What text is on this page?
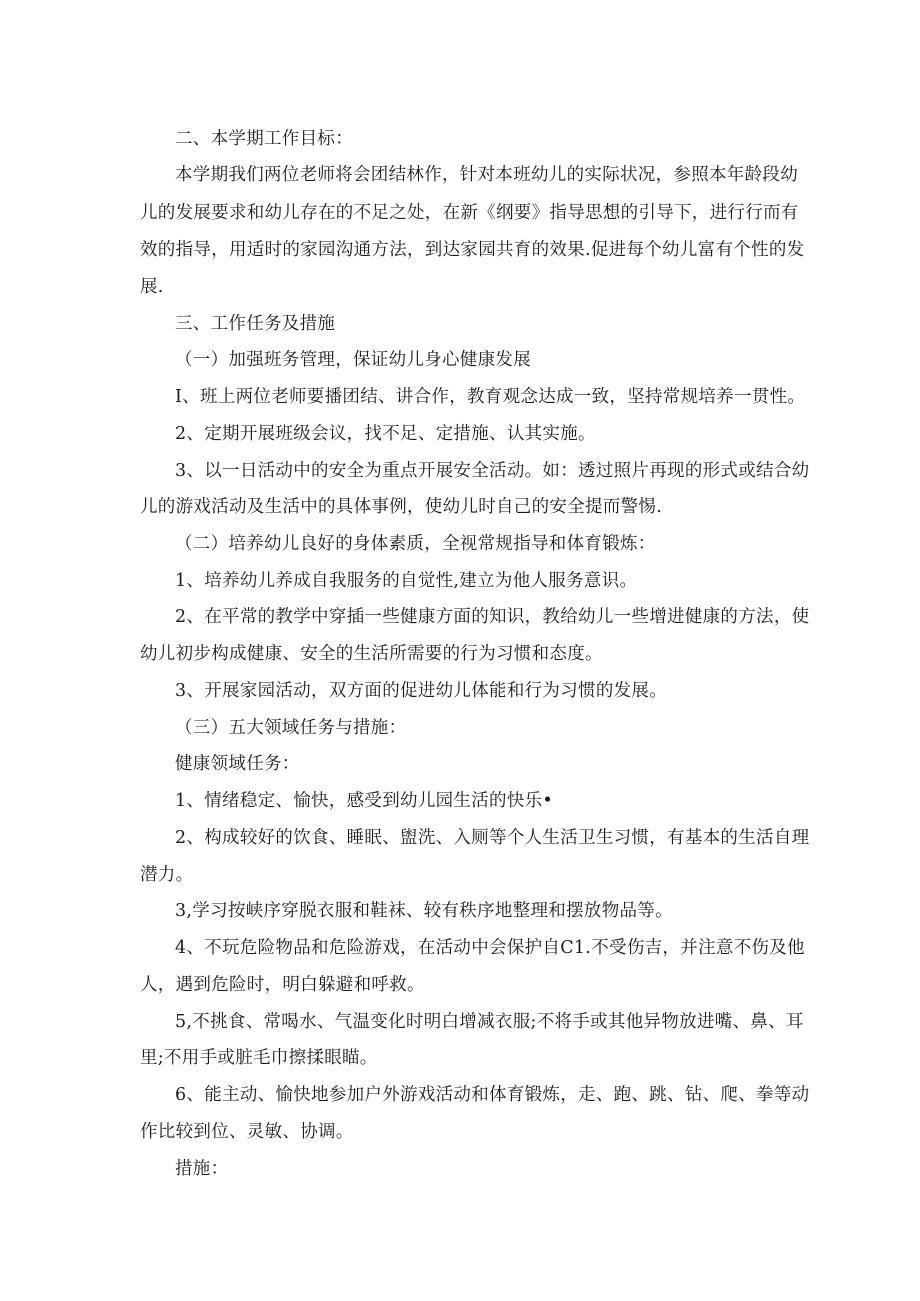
二、本学期工作目标：

本学期我们两位老师将会团结林作，针对本班幼儿的实际状况，参照本年龄段幼

儿的发展要求和幼儿存在的不足之处，在新《纲要》指导思想的引导下，进行行而有

效的指导，用适时的家园沟通方法，到达家园共育的效果.促进每个幼儿富有个性的发

展.

三、工作任务及措施

（一）加强班务管理，保证幼儿身心健康发展

I、班上两位老师要播团结、讲合作，教育观念达成一致，坚持常规培养一贯性。

2、定期开展班级会议，找不足、定措施、认其实施。

3、以一日活动中的安全为重点开展安全活动。如：透过照片再现的形式或结合幼

儿的游戏活动及生活中的具体事例，使幼儿时自己的安全提而警惕.

（二）培养幼儿良好的身体素质，全视常规指导和体育锻炼：

1、培养幼儿养成自我服务的自觉性,建立为他人服务意识。

2、在平常的教学中穿插一些健康方面的知识，教给幼儿一些增进健康的方法，使

幼儿初步构成健康、安全的生活所需要的行为习惯和态度。

3、开展家园活动，双方面的促进幼儿体能和行为习惯的发展。

（三）五大领域任务与措施：

健康领域任务：

1、情绪稳定、愉快，感受到幼儿园生活的快乐•

2、构成较好的饮食、睡眠、盥洗、入厕等个人生活卫生习惯，有基本的生活自理

潜力。

3,学习按峡序穿脱衣服和鞋袜、较有秩序地整理和摆放物品等。

4、不玩危险物品和危险游戏，在活动中会保护自C1.不受伤吉，并注意不伤及他

人，遇到危险时，明白躲避和呼救。

5,不挑食、常喝水、气温变化时明白增减衣服;不将手或其他异物放进嘴、鼻、耳

里;不用手或脏毛巾擦揉眼瞄。

6、能主动、愉快地参加户外游戏活动和体育锻炼，走、跑、跳、钻、爬、拳等动

作比较到位、灵敏、协调。

措施：
